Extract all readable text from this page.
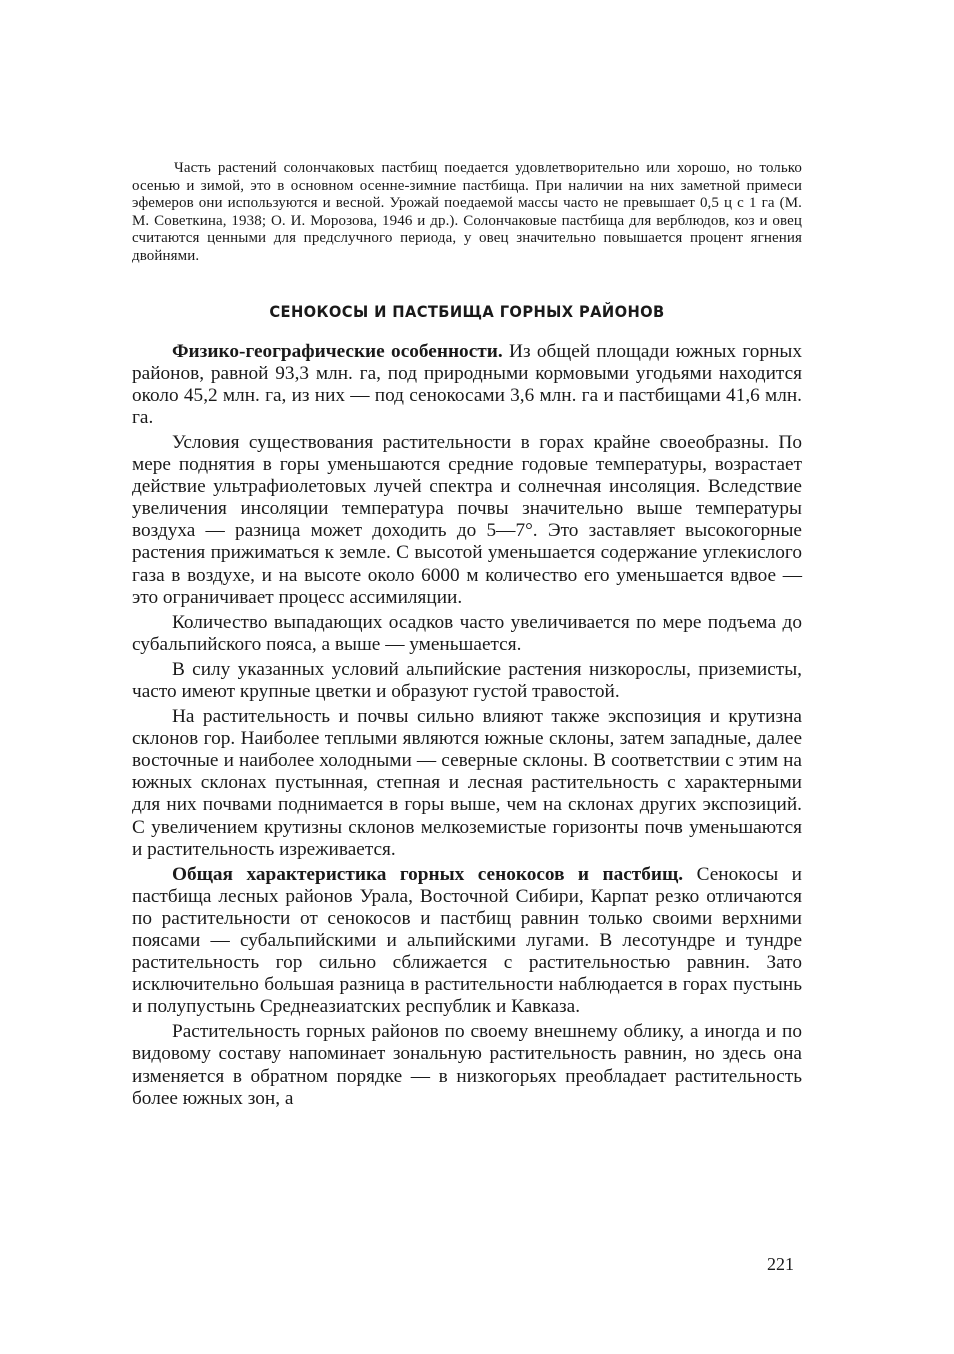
Часть растений солончаковых пастбищ поедается удовлетворительно или хорошо, но только осенью и зимой, это в основном осенне-зимние пастбища. При наличии на них заметной примеси эфемеров они используются и весной. Урожай поедаемой массы часто не превышает 0,5 ц с 1 га (М. М. Советкина, 1938; О. И. Морозова, 1946 и др.). Солончаковые пастбища для верблюдов, коз и овец считаются ценными для предслучного периода, у овец значительно повышается процент ягнения двойнями.

СЕНОКОСЫ И ПАСТБИЩА ГОРНЫХ РАЙОНОВ

Физико-географические особенности. Из общей площади южных горных районов, равной 93,3 млн. га, под природными кормовыми угодьями находится около 45,2 млн. га, из них — под сенокосами 3,6 млн. га и пастбищами 41,6 млн. га.

Условия существования растительности в горах крайне своеобразны. По мере поднятия в горы уменьшаются средние годовые температуры, возрастает действие ультрафиолетовых лучей спектра и солнечная инсоляция. Вследствие увеличения инсоляции температура почвы значительно выше температуры воздуха — разница может доходить до 5—7°. Это заставляет высокогорные растения прижиматься к земле. С высотой уменьшается содержание углекислого газа в воздухе, и на высоте около 6000 м количество его уменьшается вдвое — это ограничивает процесс ассимиляции.

Количество выпадающих осадков часто увеличивается по мере подъема до субальпийского пояса, а выше — уменьшается.

В силу указанных условий альпийские растения низкорослы, приземисты, часто имеют крупные цветки и образуют густой травостой.

На растительность и почвы сильно влияют также экспозиция и крутизна склонов гор. Наиболее теплыми являются южные склоны, затем западные, далее восточные и наиболее холодными — северные склоны. В соответствии с этим на южных склонах пустынная, степная и лесная растительность с характерными для них почвами поднимается в горы выше, чем на склонах других экспозиций. С увеличением крутизны склонов мелкоземистые горизонты почв уменьшаются и растительность изреживается.

Общая характеристика горных сенокосов и пастбищ. Сенокосы и пастбища лесных районов Урала, Восточной Сибири, Карпат резко отличаются по растительности от сенокосов и пастбищ равнин только своими верхними поясами — субальпийскими и альпийскими лугами. В лесотундре и тундре растительность гор сильно сближается с растительностью равнин. Зато исключительно большая разница в растительности наблюдается в горах пустынь и полупустынь Среднеазиатских республик и Кавказа.

Растительность горных районов по своему внешнему облику, а иногда и по видовому составу напоминает зональную растительность равнин, но здесь она изменяется в обратном порядке — в низкогорьях преобладает растительность более южных зон, а

221
